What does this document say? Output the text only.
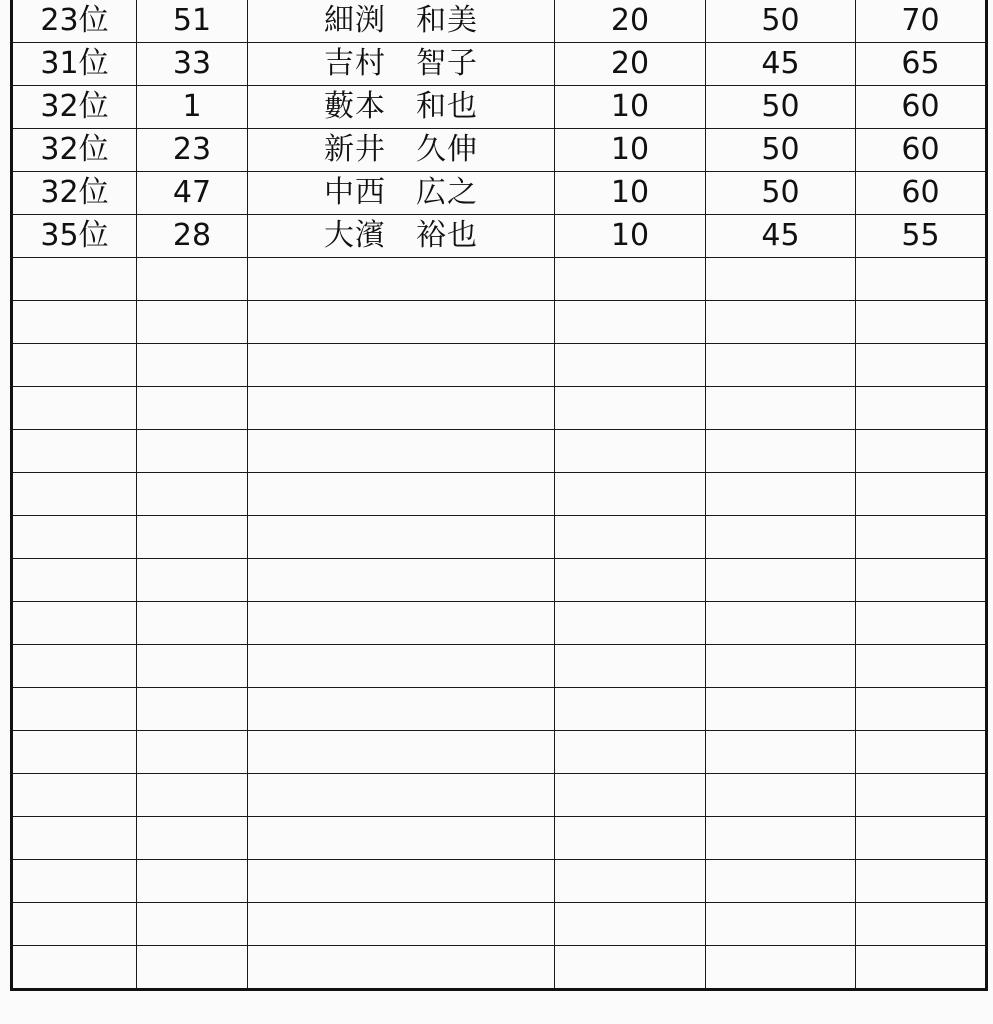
23位	51	細渕 和美	20	50	70
31位	33	吉村 智子	20	45	65
32位	1	藪本 和也	10	50	60
32位	23	新井 久伸	10	50	60
32位	47	中西 広之	10	50	60
35位	28	大濱 裕也	10	45	55
